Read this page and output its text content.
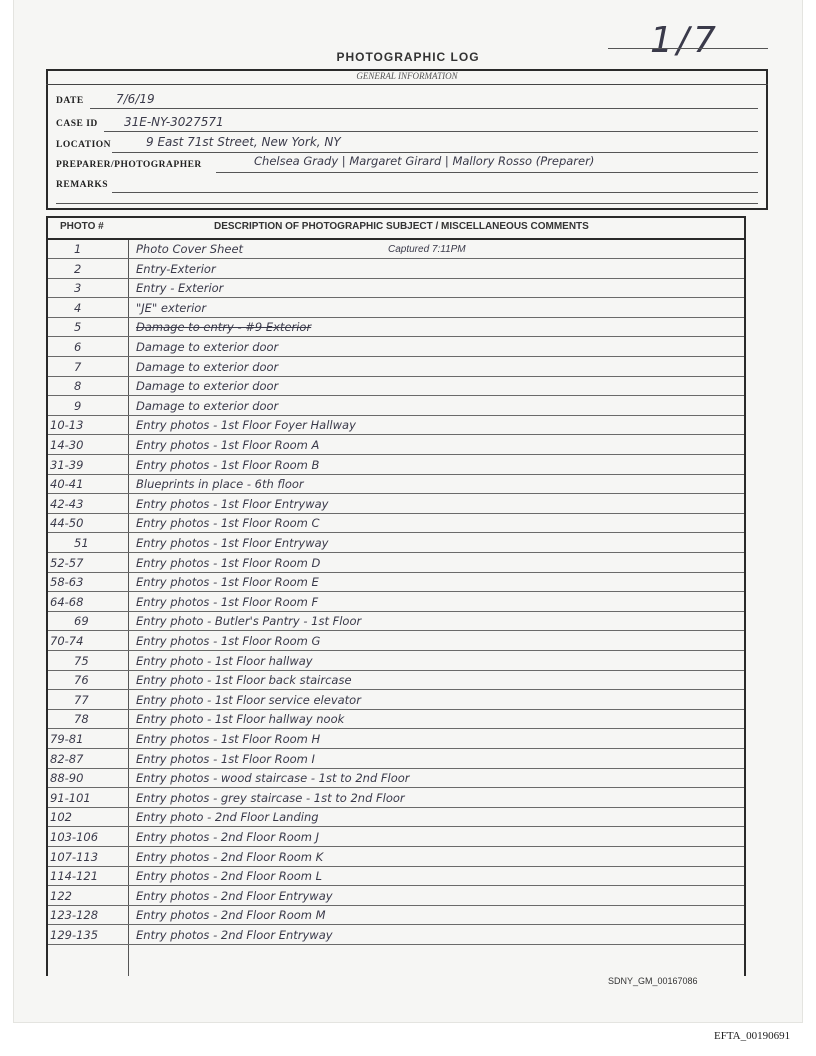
1/7
PHOTOGRAPHIC LOG
GENERAL INFORMATION
DATE	7/6/19
CASE ID 31E-NY-3027571
LOCATION	9 East 71st Street, New York, NY
PREPARER/PHOTOGRAPHER	Chelsea Grady | Margaret Girard | Mallory Rosso (Preparer)
REMARKS
PHOTO #	DESCRIPTION OF PHOTOGRAPHIC SUBJECT / MISCELLANEOUS COMMENTS
1	Photo Cover Sheet	Captured 7:11PM
2	Entry-Exterior
3	Entry - Exterior
4	"JE" exterior
5	Damage to entry - #9 Exterior
6	Damage to exterior door
7	Damage to exterior door
8	Damage to exterior door
9	Damage to exterior door
10-13	Entry photos - 1st Floor Foyer Hallway
14-30	Entry photos - 1st Floor Room A
31-39	Entry photos - 1st Floor Room B
40-41	Blueprints in place - 6th floor
42-43	Entry photos - 1st Floor Entryway
44-50	Entry photos - 1st Floor Room C
51	Entry photos - 1st Floor Entryway
52-57	Entry photos - 1st Floor Room D
58-63	Entry photos - 1st Floor Room E
64-68	Entry photos - 1st Floor Room F
69	Entry photo - Butler's Pantry - 1st Floor
70-74	Entry photos - 1st Floor Room G
75	Entry photo - 1st Floor hallway
76	Entry photo - 1st Floor back staircase
77	Entry photo - 1st Floor service elevator
78	Entry photo - 1st Floor hallway nook
79-81	Entry photos - 1st Floor Room H
82-87	Entry photos - 1st Floor Room I
88-90	Entry photos - wood staircase - 1st to 2nd Floor
91-101	Entry photos - grey staircase - 1st to 2nd Floor
102	Entry photo - 2nd Floor Landing
103-106	Entry photos - 2nd Floor Room J
107-113	Entry photos - 2nd Floor Room K
114-121	Entry photos - 2nd Floor Room L
122	Entry photos - 2nd Floor Entryway
123-128	Entry photos - 2nd Floor Room M
129-135	Entry photos - 2nd Floor Entryway
SDNY_GM_00167086
EFTA_00190691
